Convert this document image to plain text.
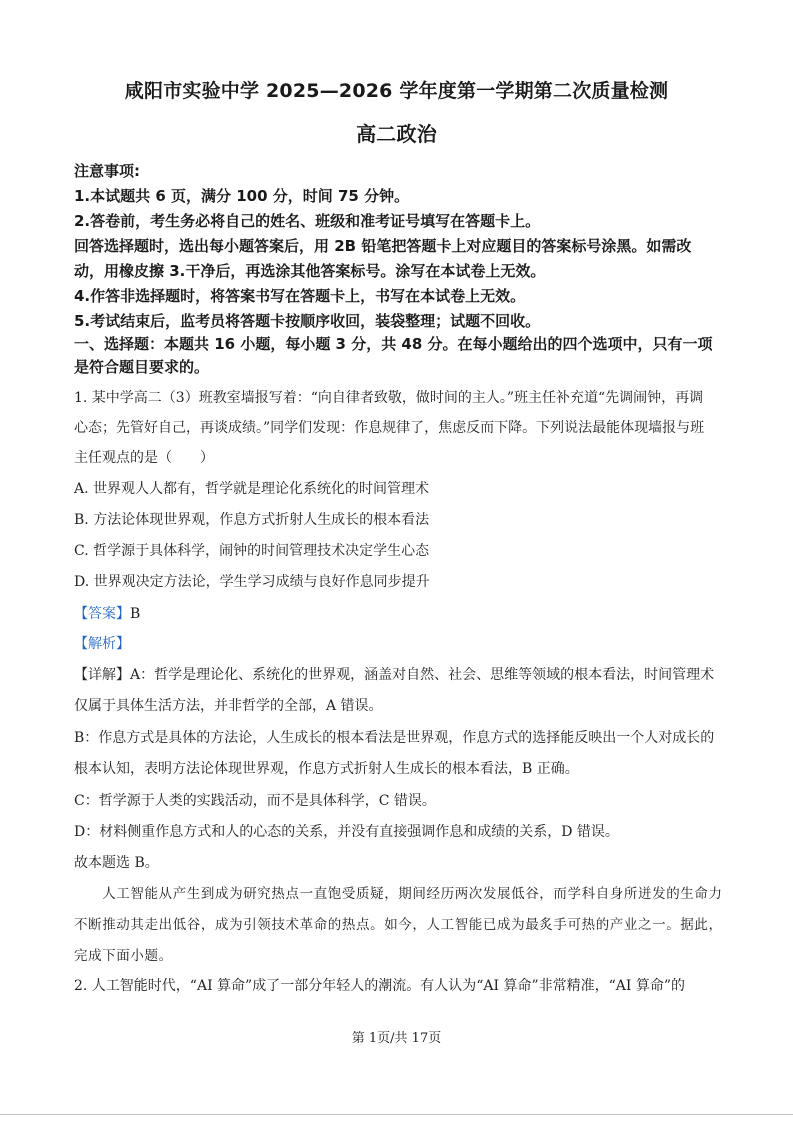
咸阳市实验中学 2025—2026 学年度第一学期第二次质量检测
高二政治
注意事项:
1.本试题共 6 页，满分 100 分，时间 75 分钟。
2.答卷前，考生务必将自己的姓名、班级和准考证号填写在答题卡上。
回答选择题时，选出每小题答案后，用 2B 铅笔把答题卡上对应题目的答案标号涂黑。如需改
动，用橡皮擦 3.干净后，再选涂其他答案标号。涂写在本试卷上无效。
4.作答非选择题时，将答案书写在答题卡上，书写在本试卷上无效。
5.考试结束后，监考员将答题卡按顺序收回，装袋整理；试题不回收。
一、选择题：本题共 16 小题，每小题 3 分，共 48 分。在每小题给出的四个选项中，只有一项
是符合题目要求的。
1. 某中学高二（3）班教室墙报写着：“向自律者致敬，做时间的主人。”班主任补充道“先调闹钟，再调
心态；先管好自己，再谈成绩。”同学们发现：作息规律了，焦虑反而下降。下列说法最能体现墙报与班
主任观点的是（　　）
A. 世界观人人都有，哲学就是理论化系统化的时间管理术
B. 方法论体现世界观，作息方式折射人生成长的根本看法
C. 哲学源于具体科学，闹钟的时间管理技术决定学生心态
D. 世界观决定方法论，学生学习成绩与良好作息同步提升
【答案】B
【解析】
【详解】A：哲学是理论化、系统化的世界观，涵盖对自然、社会、思维等领域的根本看法，时间管理术
仅属于具体生活方法，并非哲学的全部，A 错误。
B：作息方式是具体的方法论，人生成长的根本看法是世界观，作息方式的选择能反映出一个人对成长的
根本认知，表明方法论体现世界观，作息方式折射人生成长的根本看法，B 正确。
C：哲学源于人类的实践活动，而不是具体科学，C 错误。
D：材料侧重作息方式和人的心态的关系，并没有直接强调作息和成绩的关系，D 错误。
故本题选 B。
　　人工智能从产生到成为研究热点一直饱受质疑，期间经历两次发展低谷，而学科自身所迸发的生命力
不断推动其走出低谷，成为引领技术革命的热点。如今，人工智能已成为最炙手可热的产业之一。据此，
完成下面小题。
2. 人工智能时代，“AI 算命”成了一部分年轻人的潮流。有人认为“AI 算命”非常精准，“AI 算命”的
第 1页/共 17页
